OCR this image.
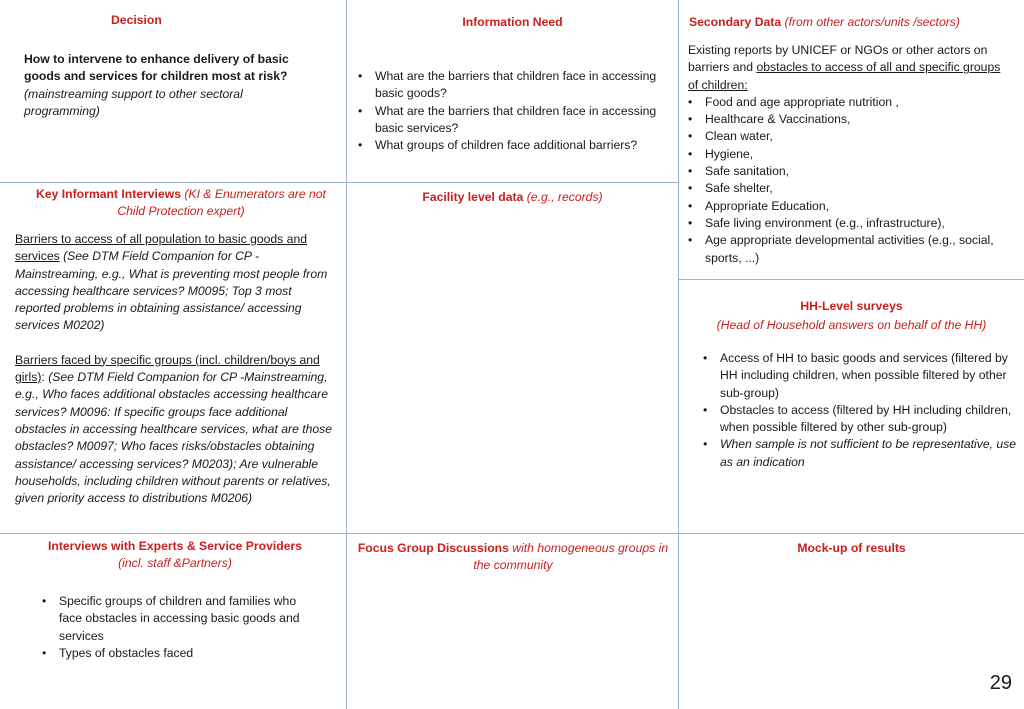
Decision

How to intervene to enhance delivery of basic goods and services for children most at risk?

(mainstreaming support to other sectoral programming)

Information Need
• What are the barriers that children face in accessing basic goods?
• What are the barriers that children face in accessing basic services?
• What groups of children face additional barriers?
Secondary Data (from other actors/units /sectors)

Existing reports by UNICEF or NGOs or other actors on barriers and obstacles to access of all and specific groups of children:

• Food and age appropriate nutrition ,
• Healthcare & Vaccinations,
• Clean water,
• Hygiene,
• Safe sanitation,
• Safe shelter,
• Appropriate Education,
• Safe living environment (e.g., infrastructure),
• Age appropriate developmental activities (e.g., social, sports, ...)
Key Informant Interviews (KI & Enumerators are not Child Protection expert)

Barriers to access of all population to basic goods and services (See DTM Field Companion for CP -Mainstreaming, e.g., What is preventing most people from accessing healthcare services? M0095; Top 3 most reported problems in obtaining assistance/ accessing services M0202)

Barriers faced by specific groups (incl. children/boys and girls): (See DTM Field Companion for CP -Mainstreaming, e.g., Who faces additional obstacles accessing healthcare services? M0096: If specific groups face additional obstacles in accessing healthcare services, what are those obstacles? M0097; Who faces risks/obstacles obtaining assistance/ accessing services? M0203); Are vulnerable households, including children without parents or relatives, given priority access to distributions M0206)

Facility level data (e.g., records)
HH-Level surveys
(Head of Household answers on behalf of the HH)
• Access of HH to basic goods and services (filtered by HH including children, when possible filtered by other sub-group)
• Obstacles to access (filtered by HH including children, when possible filtered by other sub-group)
• When sample is not sufficient to be representative, use as an indication
Interviews with Experts & Service Providers (incl. staff &Partners)
• Specific groups of children and families who face obstacles in accessing basic goods and services
• Types of obstacles faced
Focus Group Discussions with homogeneous groups in the community
Mock-up of results
29
